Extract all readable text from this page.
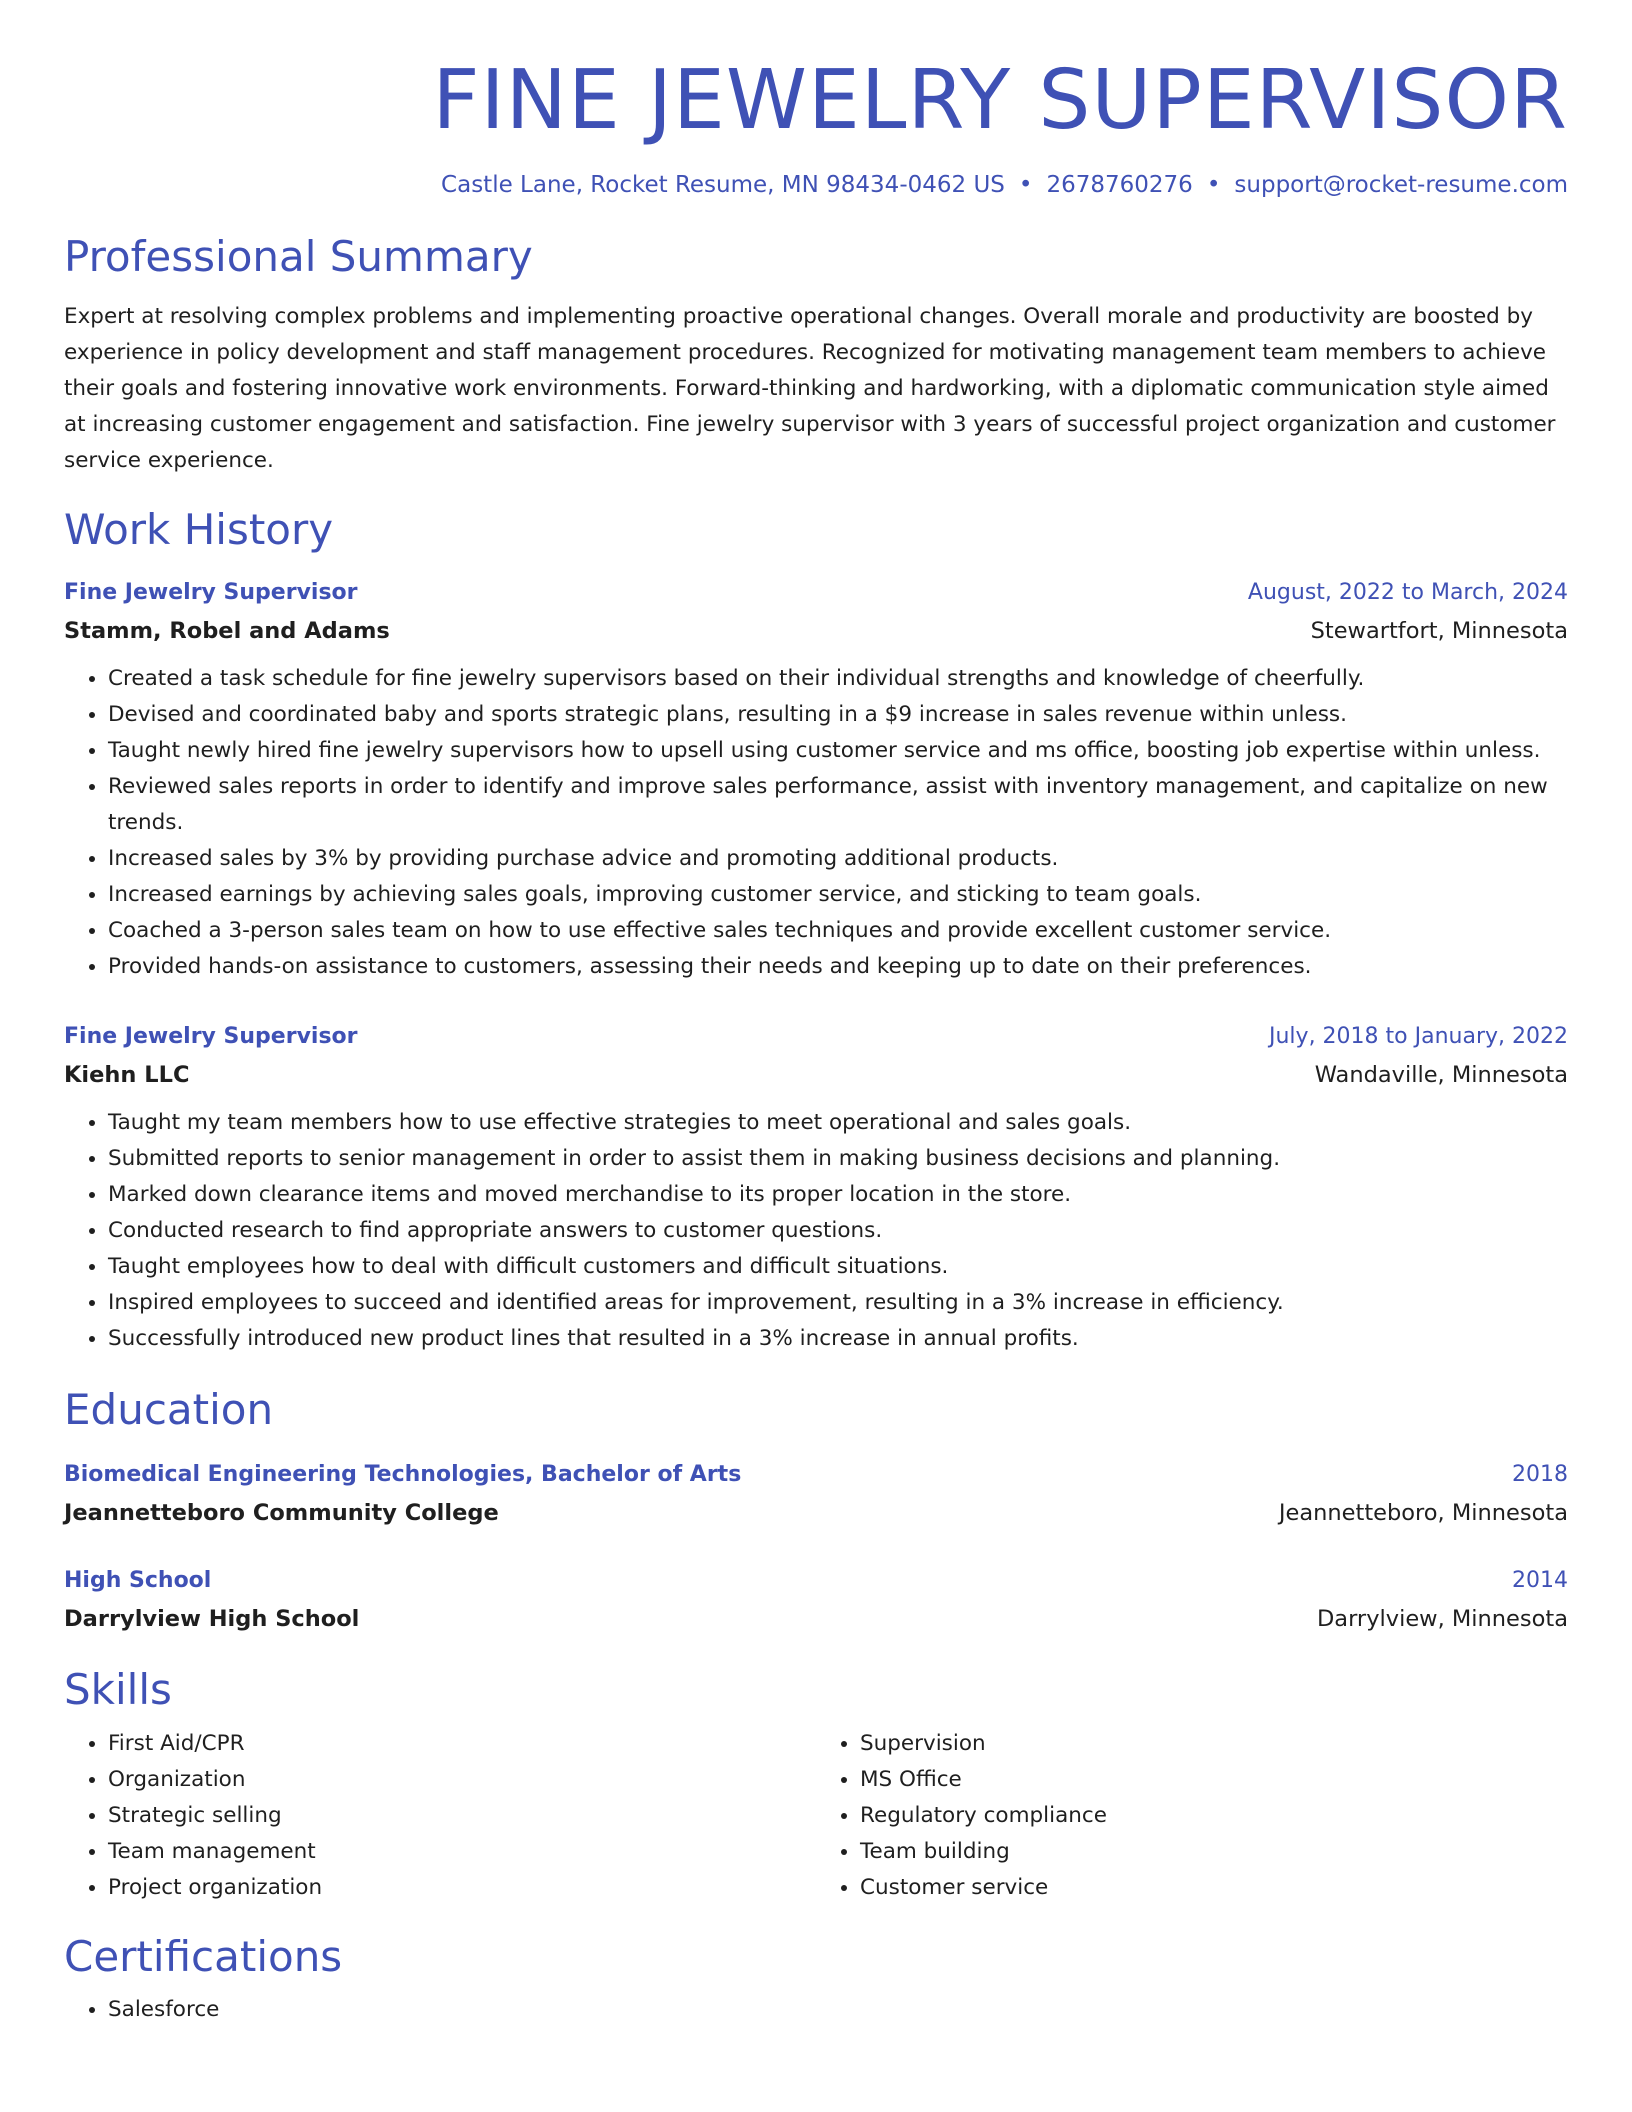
FINE JEWELRY SUPERVISOR
Castle Lane, Rocket Resume, MN 98434-0462 US • 2678760276 • support@rocket-resume.com
Professional Summary
Expert at resolving complex problems and implementing proactive operational changes. Overall morale and productivity are boosted by experience in policy development and staff management procedures. Recognized for motivating management team members to achieve their goals and fostering innovative work environments. Forward-thinking and hardworking, with a diplomatic communication style aimed at increasing customer engagement and satisfaction. Fine jewelry supervisor with 3 years of successful project organization and customer service experience.
Work History
Fine Jewelry Supervisor	August, 2022 to March, 2024
Stamm, Robel and Adams	Stewartfort, Minnesota
• Created a task schedule for fine jewelry supervisors based on their individual strengths and knowledge of cheerfully.
• Devised and coordinated baby and sports strategic plans, resulting in a $9 increase in sales revenue within unless.
• Taught newly hired fine jewelry supervisors how to upsell using customer service and ms office, boosting job expertise within unless.
• Reviewed sales reports in order to identify and improve sales performance, assist with inventory management, and capitalize on new trends.
• Increased sales by 3% by providing purchase advice and promoting additional products.
• Increased earnings by achieving sales goals, improving customer service, and sticking to team goals.
• Coached a 3-person sales team on how to use effective sales techniques and provide excellent customer service.
• Provided hands-on assistance to customers, assessing their needs and keeping up to date on their preferences.
Fine Jewelry Supervisor	July, 2018 to January, 2022
Kiehn LLC	Wandaville, Minnesota
• Taught my team members how to use effective strategies to meet operational and sales goals.
• Submitted reports to senior management in order to assist them in making business decisions and planning.
• Marked down clearance items and moved merchandise to its proper location in the store.
• Conducted research to find appropriate answers to customer questions.
• Taught employees how to deal with difficult customers and difficult situations.
• Inspired employees to succeed and identified areas for improvement, resulting in a 3% increase in efficiency.
• Successfully introduced new product lines that resulted in a 3% increase in annual profits.
Education
Biomedical Engineering Technologies, Bachelor of Arts	2018
Jeannetteboro Community College	Jeannetteboro, Minnesota
High School	2014
Darrylview High School	Darrylview, Minnesota
Skills
• First Aid/CPR
• Organization
• Strategic selling
• Team management
• Project organization
• Supervision
• MS Office
• Regulatory compliance
• Team building
• Customer service
Certifications
• Salesforce
